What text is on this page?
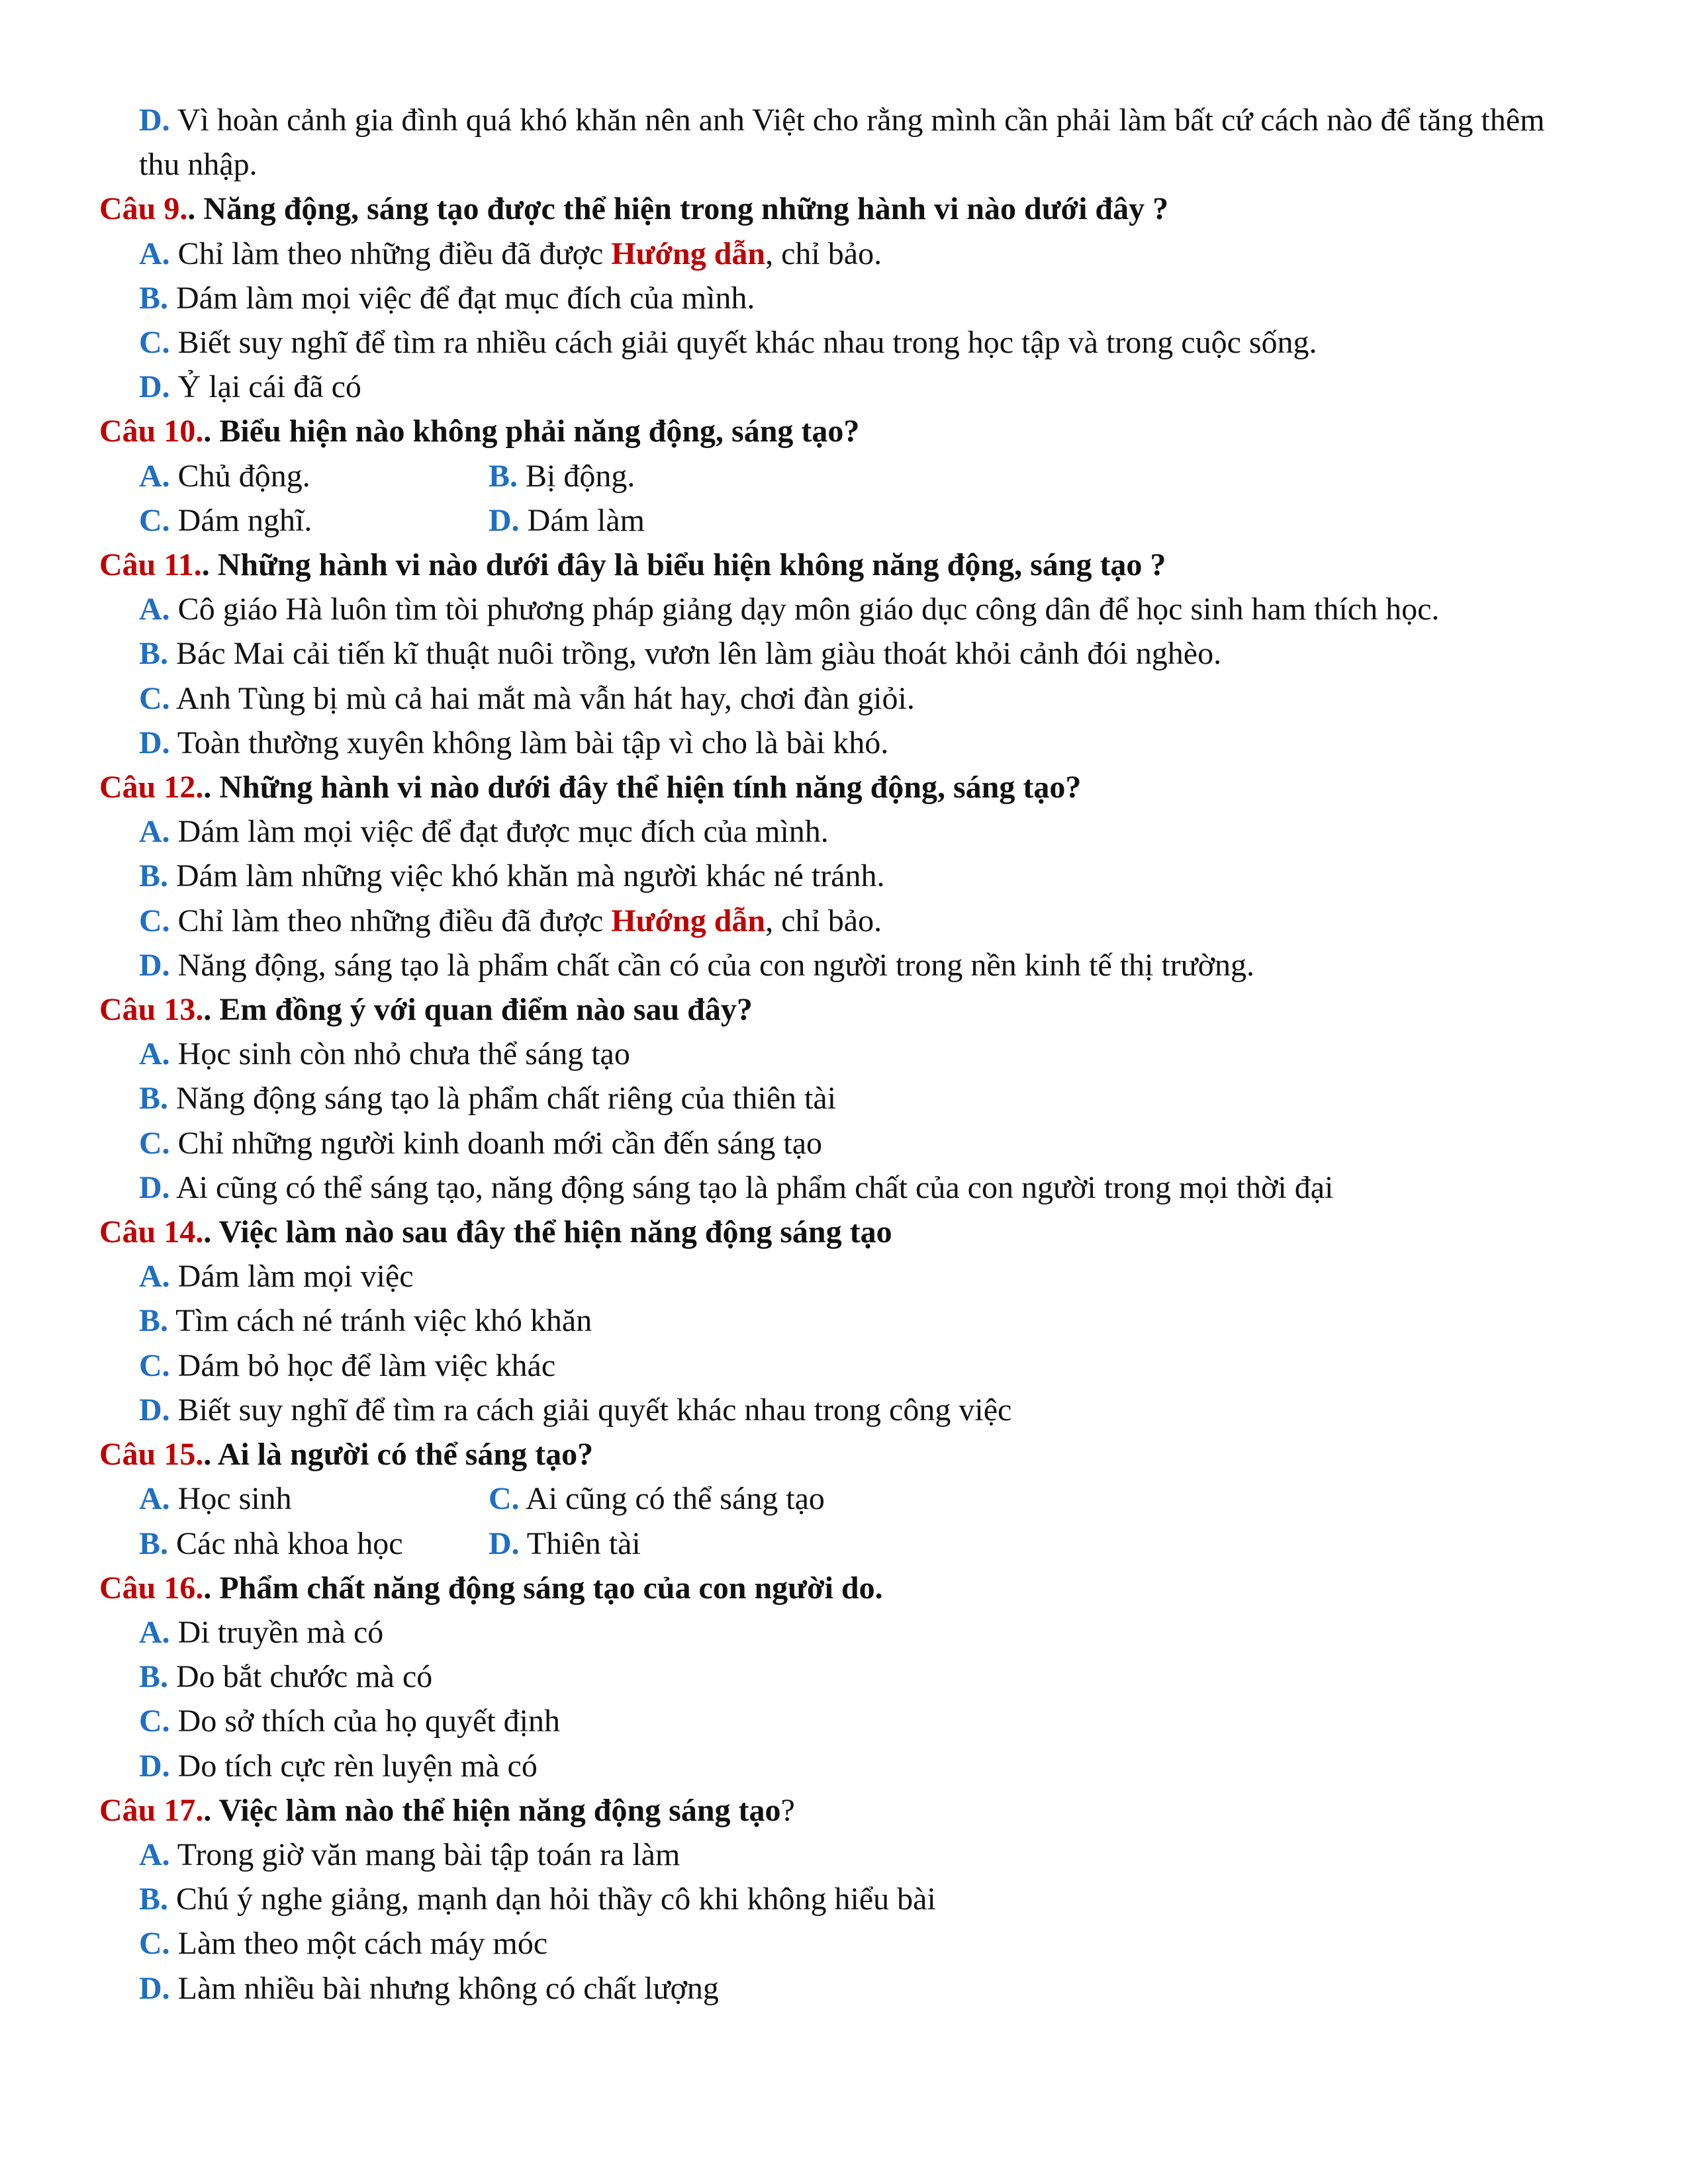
D. Vì hoàn cảnh gia đình quá khó khăn nên anh Việt cho rằng mình cần phải làm bất cứ cách nào để tăng thêm thu nhập.
Câu 9.. Năng động, sáng tạo được thể hiện trong những hành vi nào dưới đây ?
A. Chỉ làm theo những điều đã được Hướng dẫn, chỉ bảo.
B. Dám làm mọi việc để đạt mục đích của mình.
C. Biết suy nghĩ để tìm ra nhiều cách giải quyết khác nhau trong học tập và trong cuộc sống.
D. Ỷ lại cái đã có
Câu 10.. Biểu hiện nào không phải năng động, sáng tạo?
A. Chủ động.	B. Bị động.
C. Dám nghĩ.	D. Dám làm
Câu 11.. Những hành vi nào dưới đây là biểu hiện không năng động, sáng tạo ?
A. Cô giáo Hà luôn tìm tòi phương pháp giảng dạy môn giáo dục công dân để học sinh ham thích học.
B. Bác Mai cải tiến kĩ thuật nuôi trồng, vươn lên làm giàu thoát khỏi cảnh đói nghèo.
C. Anh Tùng bị mù cả hai mắt mà vẫn hát hay, chơi đàn giỏi.
D. Toàn thường xuyên không làm bài tập vì cho là bài khó.
Câu 12.. Những hành vi nào dưới đây thể hiện tính năng động, sáng tạo?
A. Dám làm mọi việc để đạt được mục đích của mình.
B. Dám làm những việc khó khăn mà người khác né tránh.
C. Chỉ làm theo những điều đã được Hướng dẫn, chỉ bảo.
D. Năng động, sáng tạo là phẩm chất cần có của con người trong nền kinh tế thị trường.
Câu 13.. Em đồng ý với quan điểm nào sau đây?
A. Học sinh còn nhỏ chưa thể sáng tạo
B. Năng động sáng tạo là phẩm chất riêng của thiên tài
C. Chỉ những người kinh doanh mới cần đến sáng tạo
D. Ai cũng có thể sáng tạo, năng động sáng tạo là phẩm chất của con người trong mọi thời đại
Câu 14.. Việc làm nào sau đây thể hiện năng động sáng tạo
A. Dám làm mọi việc
B. Tìm cách né tránh việc khó khăn
C. Dám bỏ học để làm việc khác
D. Biết suy nghĩ để tìm ra cách giải quyết khác nhau trong công việc
Câu 15.. Ai là người có thể sáng tạo?
A. Học sinh	C. Ai cũng có thể sáng tạo
B. Các nhà khoa học	D. Thiên tài
Câu 16.. Phẩm chất năng động sáng tạo của con người do.
A. Di truyền mà có
B. Do bắt chước mà có
C. Do sở thích của họ quyết định
D. Do tích cực rèn luyện mà có
Câu 17.. Việc làm nào thể hiện năng động sáng tạo?
A. Trong giờ văn mang bài tập toán ra làm
B. Chú ý nghe giảng, mạnh dạn hỏi thầy cô khi không hiểu bài
C. Làm theo một cách máy móc
D. Làm nhiều bài nhưng không có chất lượng
